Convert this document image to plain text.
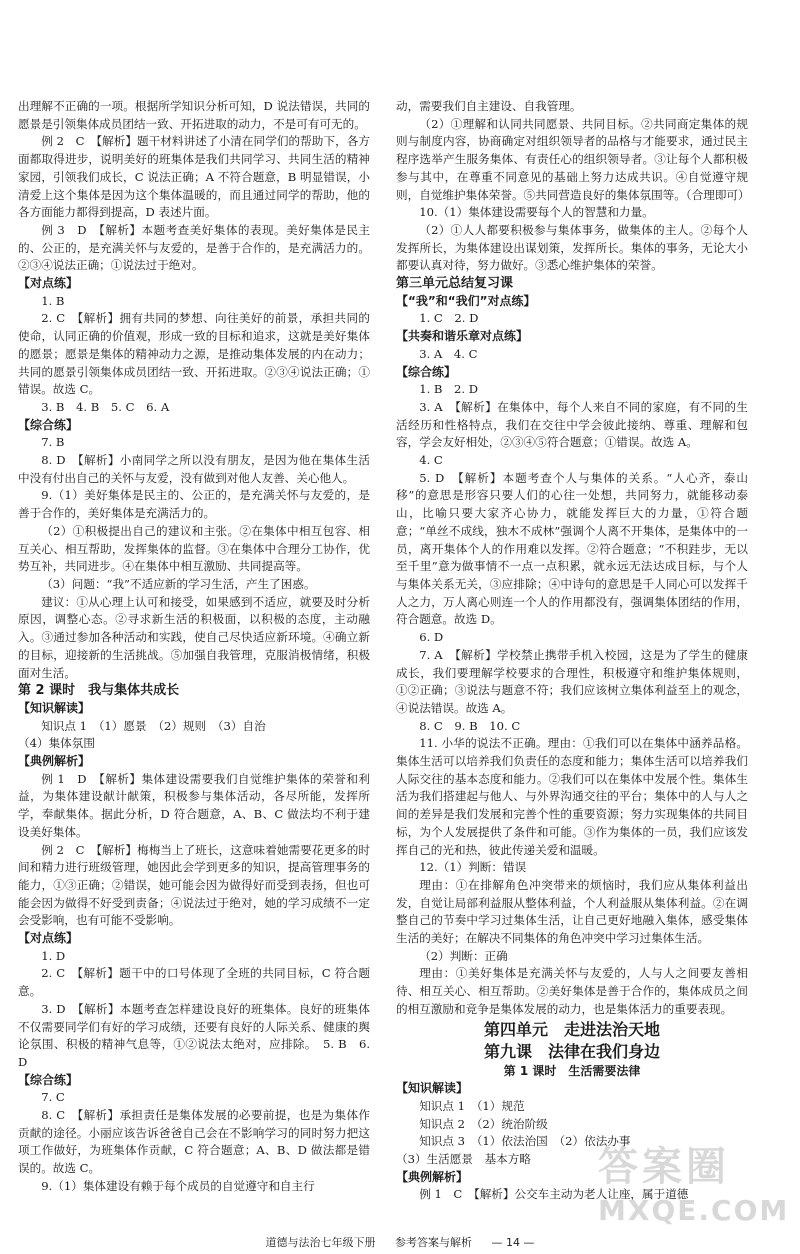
出理解不正确的一项。根据所学知识分析可知，D 说法错误，共同的愿景是引领集体成员团结一致、开拓进取的动力，不是可有可无的。

例 2　C　【解析】题干材料讲述了小清在同学们的帮助下，各方面都取得进步，说明美好的班集体是我们共同学习、共同生活的精神家园，引领我们成长，C 说法正确；A 不符合题意，B 明显错误，小清爱上这个集体是因为这个集体温暖的，而且通过同学的帮助，他的各方面能力都得到提高，D 表述片面。

例 3　D　【解析】本题考查美好集体的表现。美好集体是民主的、公正的，是充满关怀与友爱的，是善于合作的，是充满活力的。②③④说法正确；①说法过于绝对。

【对点练】

1. B

2. C　【解析】拥有共同的梦想、向往美好的前景，承担共同的使命，认同正确的价值观，形成一致的目标和追求，这就是美好集体的愿景；愿景是集体的精神动力之源，是推动集体发展的内在动力；共同的愿景引领集体成员团结一致、开拓进取。②③④说法正确；①错误。故选 C。

3. B　4. B　5. C　6. A

【综合练】

7. B

8. D　【解析】小南同学之所以没有朋友，是因为他在集体生活中没有付出自己的关怀与友爱，没有做到对他人友善、关心他人。

9.（1）美好集体是民主的、公正的，是充满关怀与友爱的，是善于合作的，美好集体是充满活力的。

（2）①积极提出自己的建议和主张。②在集体中相互包容、相互关心、相互帮助，发挥集体的监督。③在集体中合理分工协作，优势互补，共同进步。④在集体中相互激励、共同提高等。

（3）问题：“我”不适应新的学习生活，产生了困惑。

建议：①从心理上认可和接受，如果感到不适应，就要及时分析原因，调整心态。②寻求新生活的积极面，以积极的态度，主动融入。③通过参加各种活动和实践，使自己尽快适应新环境。④确立新的目标，迎接新的生活挑战。⑤加强自我管理，克服消极情绪，积极面对生活。

第 2 课时　我与集体共成长

【知识解读】

知识点 1　（1）愿景　（2）规则　（3）自治

（4）集体氛围

【典例解析】

例 1　D　【解析】集体建设需要我们自觉维护集体的荣誉和利益，为集体建设献计献策，积极参与集体活动，各尽所能，发挥所学，奉献集体。据此分析，D 符合题意，A、B、C 做法均不利于建设美好集体。

例 2　C　【解析】梅梅当上了班长，这意味着她需要花更多的时间和精力进行班级管理，她因此会学到更多的知识，提高管理事务的能力，①③正确；②错误，她可能会因为做得好而受到表扬，但也可能会因为做得不好受到责备；④说法过于绝对，她的学习成绩不一定会受影响，也有可能不受影响。

【对点练】

1. D

2. C　【解析】题干中的口号体现了全班的共同目标，C 符合题意。

3. D　【解析】本题考查怎样建设良好的班集体。良好的班集体不仅需要同学们有好的学习成绩，还要有良好的人际关系、健康的舆论氛围、积极的精神气息等，①②说法太绝对，应排除。　5. B　6. D

【综合练】

7. C

8. C　【解析】承担责任是集体发展的必要前提，也是为集体作贡献的途径。小丽应该告诉爸爸自己会在不影响学习的同时努力把这项工作做好，为班集体作贡献，C 符合题意；A、B、D 做法都是错误的。故选 C。

9.（1）集体建设有赖于每个成员的自觉遵守和自主行

动，需要我们自主建设、自我管理。

（2）①理解和认同共同愿景、共同目标。②共同商定集体的规则与制度内容，协商确定对组织领导者的品格与才能要求，通过民主程序选举产生服务集体、有责任心的组织领导者。③让每个人都积极参与其中，在尊重不同意见的基础上努力达成共识。④自觉遵守规则，自觉维护集体荣誉。⑤共同营造良好的集体氛围等。（合理即可）

10.（1）集体建设需要每个人的智慧和力量。

（2）①人人都要积极参与集体事务，做集体的主人。②每个人发挥所长，为集体建设出谋划策，发挥所长。集体的事务，无论大小都要认真对待，努力做好。③悉心维护集体的荣誉。

第三单元总结复习课

【“我”和“我们”对点练】

1. C　2. D

【共奏和谐乐章对点练】

3. A　4. C

【综合练】

1. B　2. D

3. A　【解析】在集体中，每个人来自不同的家庭，有不同的生活经历和性格特点，我们在交往中学会彼此接纳、尊重、理解和包容，学会友好相处，②③④⑤符合题意；①错误。故选 A。

4. C

5. D　【解析】本题考查个人与集体的关系。“人心齐，泰山移”的意思是形容只要人们的心往一处想，共同努力，就能移动泰山，比喻只要大家齐心协力，就能发挥巨大的力量，①符合题意；“单丝不成线，独木不成林”强调个人离不开集体，是集体中的一员，离开集体个人的作用难以发挥。②符合题意；“不积跬步，无以至千里”意为做事情不一点一点积累，就永远无法达成目标，与个人与集体关系无关，③应排除；④中诗句的意思是千人同心可以发挥千人之力，万人离心则连一个人的作用都没有，强调集体团结的作用，符合题意。故选 D。

6. D

7. A　【解析】学校禁止携带手机入校园，这是为了学生的健康成长，我们要理解学校要求的合理性，积极遵守和维护集体规则，①②正确；③说法与题意不符；我们应该树立集体利益至上的观念，④说法错误。故选 A。

8. C　9. B　10. C

11. 小华的说法不正确。理由：①我们可以在集体中涵养品格。集体生活可以培养我们负责任的态度和能力；集体生活可以培养我们人际交往的基本态度和能力。②我们可以在集体中发展个性。集体生活为我们搭建起与他人、与外界沟通交往的平台；集体中的人与人之间的差异是我们发展和完善个性的重要资源；努力实现集体的共同目标，为个人发展提供了条件和可能。③作为集体的一员，我们应该发挥自己的光和热，彼此传递关爱和温暖。

12.（1）判断：错误

理由：①在排解角色冲突带来的烦恼时，我们应从集体利益出发，自觉让局部利益服从整体利益，个人利益服从集体利益。②在调整自己的节奏中学习过集体生活，让自己更好地融入集体，感受集体生活的美好；在解决不同集体的角色冲突中学习过集体生活。

（2）判断：正确

理由：①美好集体是充满关怀与友爱的，人与人之间要友善相待、相互关心、相互帮助。②美好集体是善于合作的，集体成员之间的相互激励和竞争是集体发展的动力，也是集体活力的重要表现。

第四单元　走进法治天地
第九课　法律在我们身边
第 1 课时　生活需要法律

【知识解读】

知识点 1　（1）规范

知识点 2　（2）统治阶级

知识点 3　（1）依法治国　（2）依法办事

（3）生活愿景　基本方略

【典例解析】

例 1　C　【解析】公交车主动为老人让座，属于道德

道德与法治七年级下册 参考答案与解析 — 14 —
答案圈
MXQE.COM
